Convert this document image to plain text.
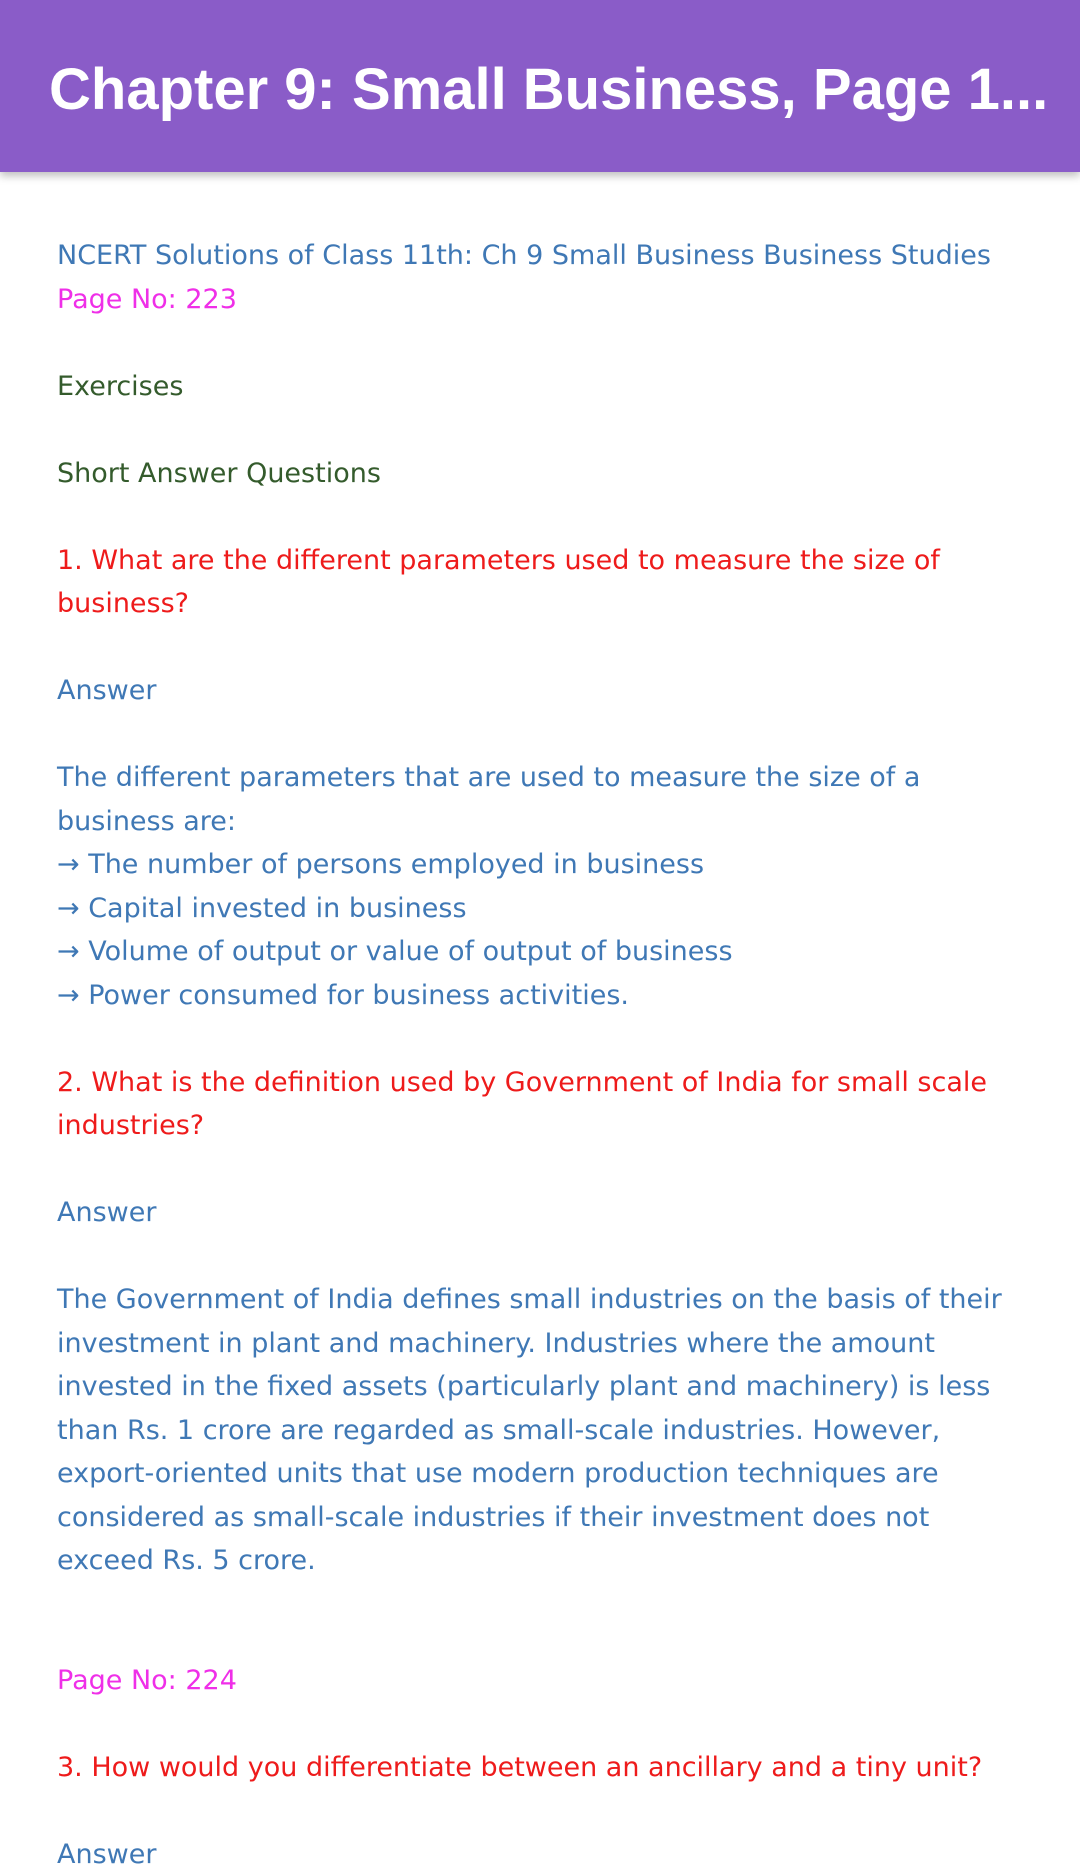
Chapter 9: Small Business, Page 1...

NCERT Solutions of Class 11th: Ch 9 Small Business Business Studies

Page No: 223

Exercises

Short Answer Questions

1. What are the different parameters used to measure the size of business?

Answer

The different parameters that are used to measure the size of a business are:

→ The number of persons employed in business
→ Capital invested in business
→ Volume of output or value of output of business
→ Power consumed for business activities.

2. What is the definition used by Government of India for small scale industries?

Answer

The Government of India defines small industries on the basis of their investment in plant and machinery. Industries where the amount invested in the fixed assets (particularly plant and machinery) is less than Rs. 1 crore are regarded as small-scale industries. However, export-oriented units that use modern production techniques are considered as small-scale industries if their investment does not exceed Rs. 5 crore.

Page No: 224

3. How would you differentiate between an ancillary and a tiny unit?

Answer
